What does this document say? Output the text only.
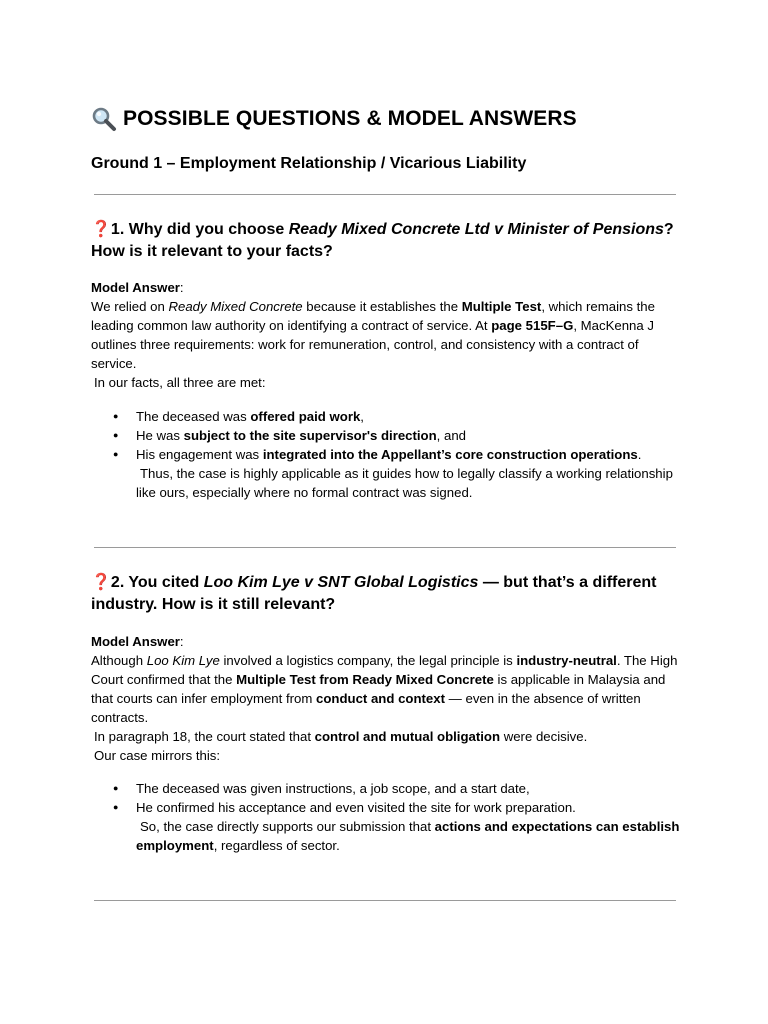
POSSIBLE QUESTIONS & MODEL ANSWERS
Ground 1 – Employment Relationship / Vicarious Liability
❓1. Why did you choose Ready Mixed Concrete Ltd v Minister of Pensions? How is it relevant to your facts?

Model Answer:

We relied on Ready Mixed Concrete because it establishes the Multiple Test, which remains the leading common law authority on identifying a contract of service. At page 515F–G, MacKenna J outlines three requirements: work for remuneration, control, and consistency with a contract of service.

In our facts, all three are met:

● The deceased was offered paid work,
● He was subject to the site supervisor's direction, and
● His engagement was integrated into the Appellant’s core construction operations.
Thus, the case is highly applicable as it guides how to legally classify a working relationship like ours, especially where no formal contract was signed.
❓2. You cited Loo Kim Lye v SNT Global Logistics — but that’s a different industry. How is it still relevant?

Model Answer:

Although Loo Kim Lye involved a logistics company, the legal principle is industry-neutral. The High Court confirmed that the Multiple Test from Ready Mixed Concrete is applicable in Malaysia and that courts can infer employment from conduct and context — even in the absence of written contracts.

In paragraph 18, the court stated that control and mutual obligation were decisive.

Our case mirrors this:

● The deceased was given instructions, a job scope, and a start date,
● He confirmed his acceptance and even visited the site for work preparation.
So, the case directly supports our submission that actions and expectations can establish employment, regardless of sector.
